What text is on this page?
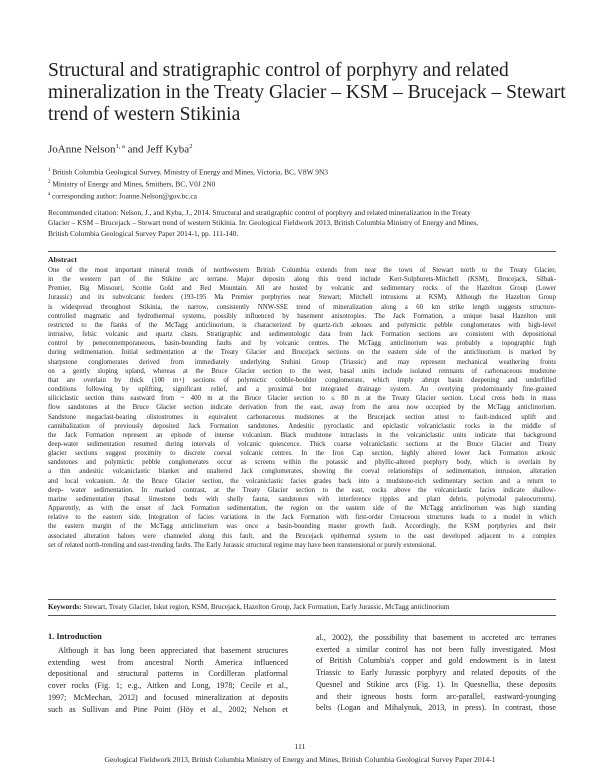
Structural and stratigraphic control of porphyry and related
mineralization in the Treaty Glacier – KSM – Brucejack – Stewart
trend of western Stikinia
JoAnne Nelson$^{1, a}$ and Jeff Kyba$^2$
$^1$ British Columbia Geological Survey, Ministry of Energy and Mines, Victoria, BC, V8W 9N3
$^2$ Ministry of Energy and Mines, Smithers, BC, V0J 2N0
$^a$ corresponding author: Joanne.Nelson@gov.bc.ca
Recommended citation: Nelson, J., and Kyba, J., 2014. Structural and stratigraphic control of porphyry and related mineralization in the Treaty
Glacier – KSM – Brucejack – Stewart trend of western Stikinia. In: Geological Fieldwork 2013, British Columbia Ministry of Energy and Mines,
British Columbia Geological Survey Paper 2014-1, pp. 111-140.
Abstract
One of the most important mineral trends of northwestern British Columbia extends from near the town of Stewart north to the Treaty Glacier,
in the western part of the Stikine arc terrane. Major deposits along this trend include Kerr-Sulphurets-Mitchell (KSM), Brucejack, Silbak-
Premier, Big Missouri, Scottie Gold and Red Mountain. All are hosted by volcanic and sedimentary rocks of the Hazelton Group (Lower
Jurassic) and its subvolcanic feeders (193-195 Ma Premier porphyries near Stewart; Mitchell intrusions at KSM). Although the Hazelton Group
is widespread throughout Stikinia, the narrow, consistently NNW-SSE trend of mineralization along a 60 km strike length suggests structure-
controlled magmatic and hydrothermal systems, possibly influenced by basement anisotropies. The Jack Formation, a unique basal Hazelton unit
restricted to the flanks of the McTagg anticlinorium, is characterized by quartz-rich arkoses and polymictic pebble conglomerates with high-level
intrusive, felsic volcanic and quartz clasts. Stratigraphic and sedimentologic data from Jack Formation sections are consistent with depositional
control by penecontemporaneous, basin-bounding faults and by volcanic centres. The McTagg anticlinorium was probably a topographic high
during sedimentation. Initial sedimentation at the Treaty Glacier and Brucejack sections on the eastern side of the anticlinorium is marked by
sharpstone conglomerates derived from immediately underlying Stuhini Group (Triassic) and may represent mechanical weathering fronts
on a gently sloping upland, whereas at the Bruce Glacier section to the west, basal units include isolated remnants of carbonaceous mudstone
that are overlain by thick (100 m+) sections of polymictic cobble-boulder conglomerate, which imply abrupt basin deepening and underfilled
conditions following by uplifting, significant relief, and a proximal but integrated drainage system. An overlying predominantly fine-grained
siliciclastic section thins eastward from ~ 400 m at the Bruce Glacier section to ≤ 80 m at the Treaty Glacier section. Local cross beds in mass
flow sandstones at the Bruce Glacier section indicate derivation from the east, away from the area now occupied by the McTagg anticlinorium.
Sandstone megaclast-bearing olistostromes in equivalent carbonaceous mudstones at the Brucejack section attest to fault-induced uplift and
cannibalization of previously deposited Jack Formation sandstones. Andesitic pyroclastic and epiclastic volcaniclastic rocks in the middle of
the Jack Formation represent an episode of intense volcanism. Black mudstone intraclasts in the volcaniclastic units indicate that background
deep-water sedimentation resumed during intervals of volcanic quiescence. Thick coarse volcaniclastic sections at the Bruce Glacier and Treaty
glacier sections suggest proximity to discrete coeval volcanic centres. In the Iron Cap section, highly altered lower Jack Formation arkosic
sandstones and polymictic pebble conglomerates occur as screens within the potassic and phyllic-altered porphyry body, which is overlain by
a thin andesitic volcaniclastic blanket and unaltered Jack conglomerates, showing the coeval relationships of sedimentation, intrusion, alteration
and local volcanism. At the Bruce Glacier section, the volcaniclastic facies grades back into a mudstone-rich sedimentary section and a return to
deep- water sedimentation. In marked contrast, at the Treaty Glacier section to the east, rocks above the volcaniclastic facies indicate shallow-
marine sedimentation (basal limestone beds with shelly fauna, sandstones with interference ripples and plant debris, polymodal paleocurrents).
Apparently, as with the onset of Jack Formation sedimentation, the region on the eastern side of the McTagg anticlinorium was high standing
relative to the eastern side. Integration of facies variations in the Jack Formation with first-order Cretaceous structures leads to a model in which
the eastern margin of the McTagg anticlinorium was once a basin-bounding master growth fault. Accordingly, the KSM porphyries and their
associated alteration haloes were channeled along this fault, and the Brucejack epithermal system to the east developed adjacent to a complex
set of related north-trending and east-trending faults. The Early Jurassic structural regime may have been transtensional or purely extensional.
Keywords: Stewart, Treaty Glacier, Iskut region, KSM, Brucejack, Hazelton Group, Jack Formation, Early Jurassic, McTagg anticlinorium
1. Introduction
Although it has long been appreciated that basement structures
extending west from ancestral North America influenced
depositional and structural patterns in Cordilleran platformal
cover rocks (Fig. 1; e.g., Aitken and Long, 1978; Cecile et al.,
1997; McMechan, 2012) and focused mineralization at deposits
such as Sullivan and Pine Point (Höy et al., 2002; Nelson et
al., 2002), the possibility that basement to accreted arc terranes
exerted a similar control has not been fully investigated. Most
of British Columbia's copper and gold endowment is in latest
Triassic to Early Jurassic porphyry and related deposits of the
Quesnel and Stikine arcs (Fig. 1). In Quesnellia, these deposits
and their igneous hosts form arc-parallel, eastward-younging
belts (Logan and Mihalynuk, 2013, in press). In contrast, those
111
Geological Fieldwork 2013, British Columbia Ministry of Energy and Mines, British Columbia Geological Survey Paper 2014-1
